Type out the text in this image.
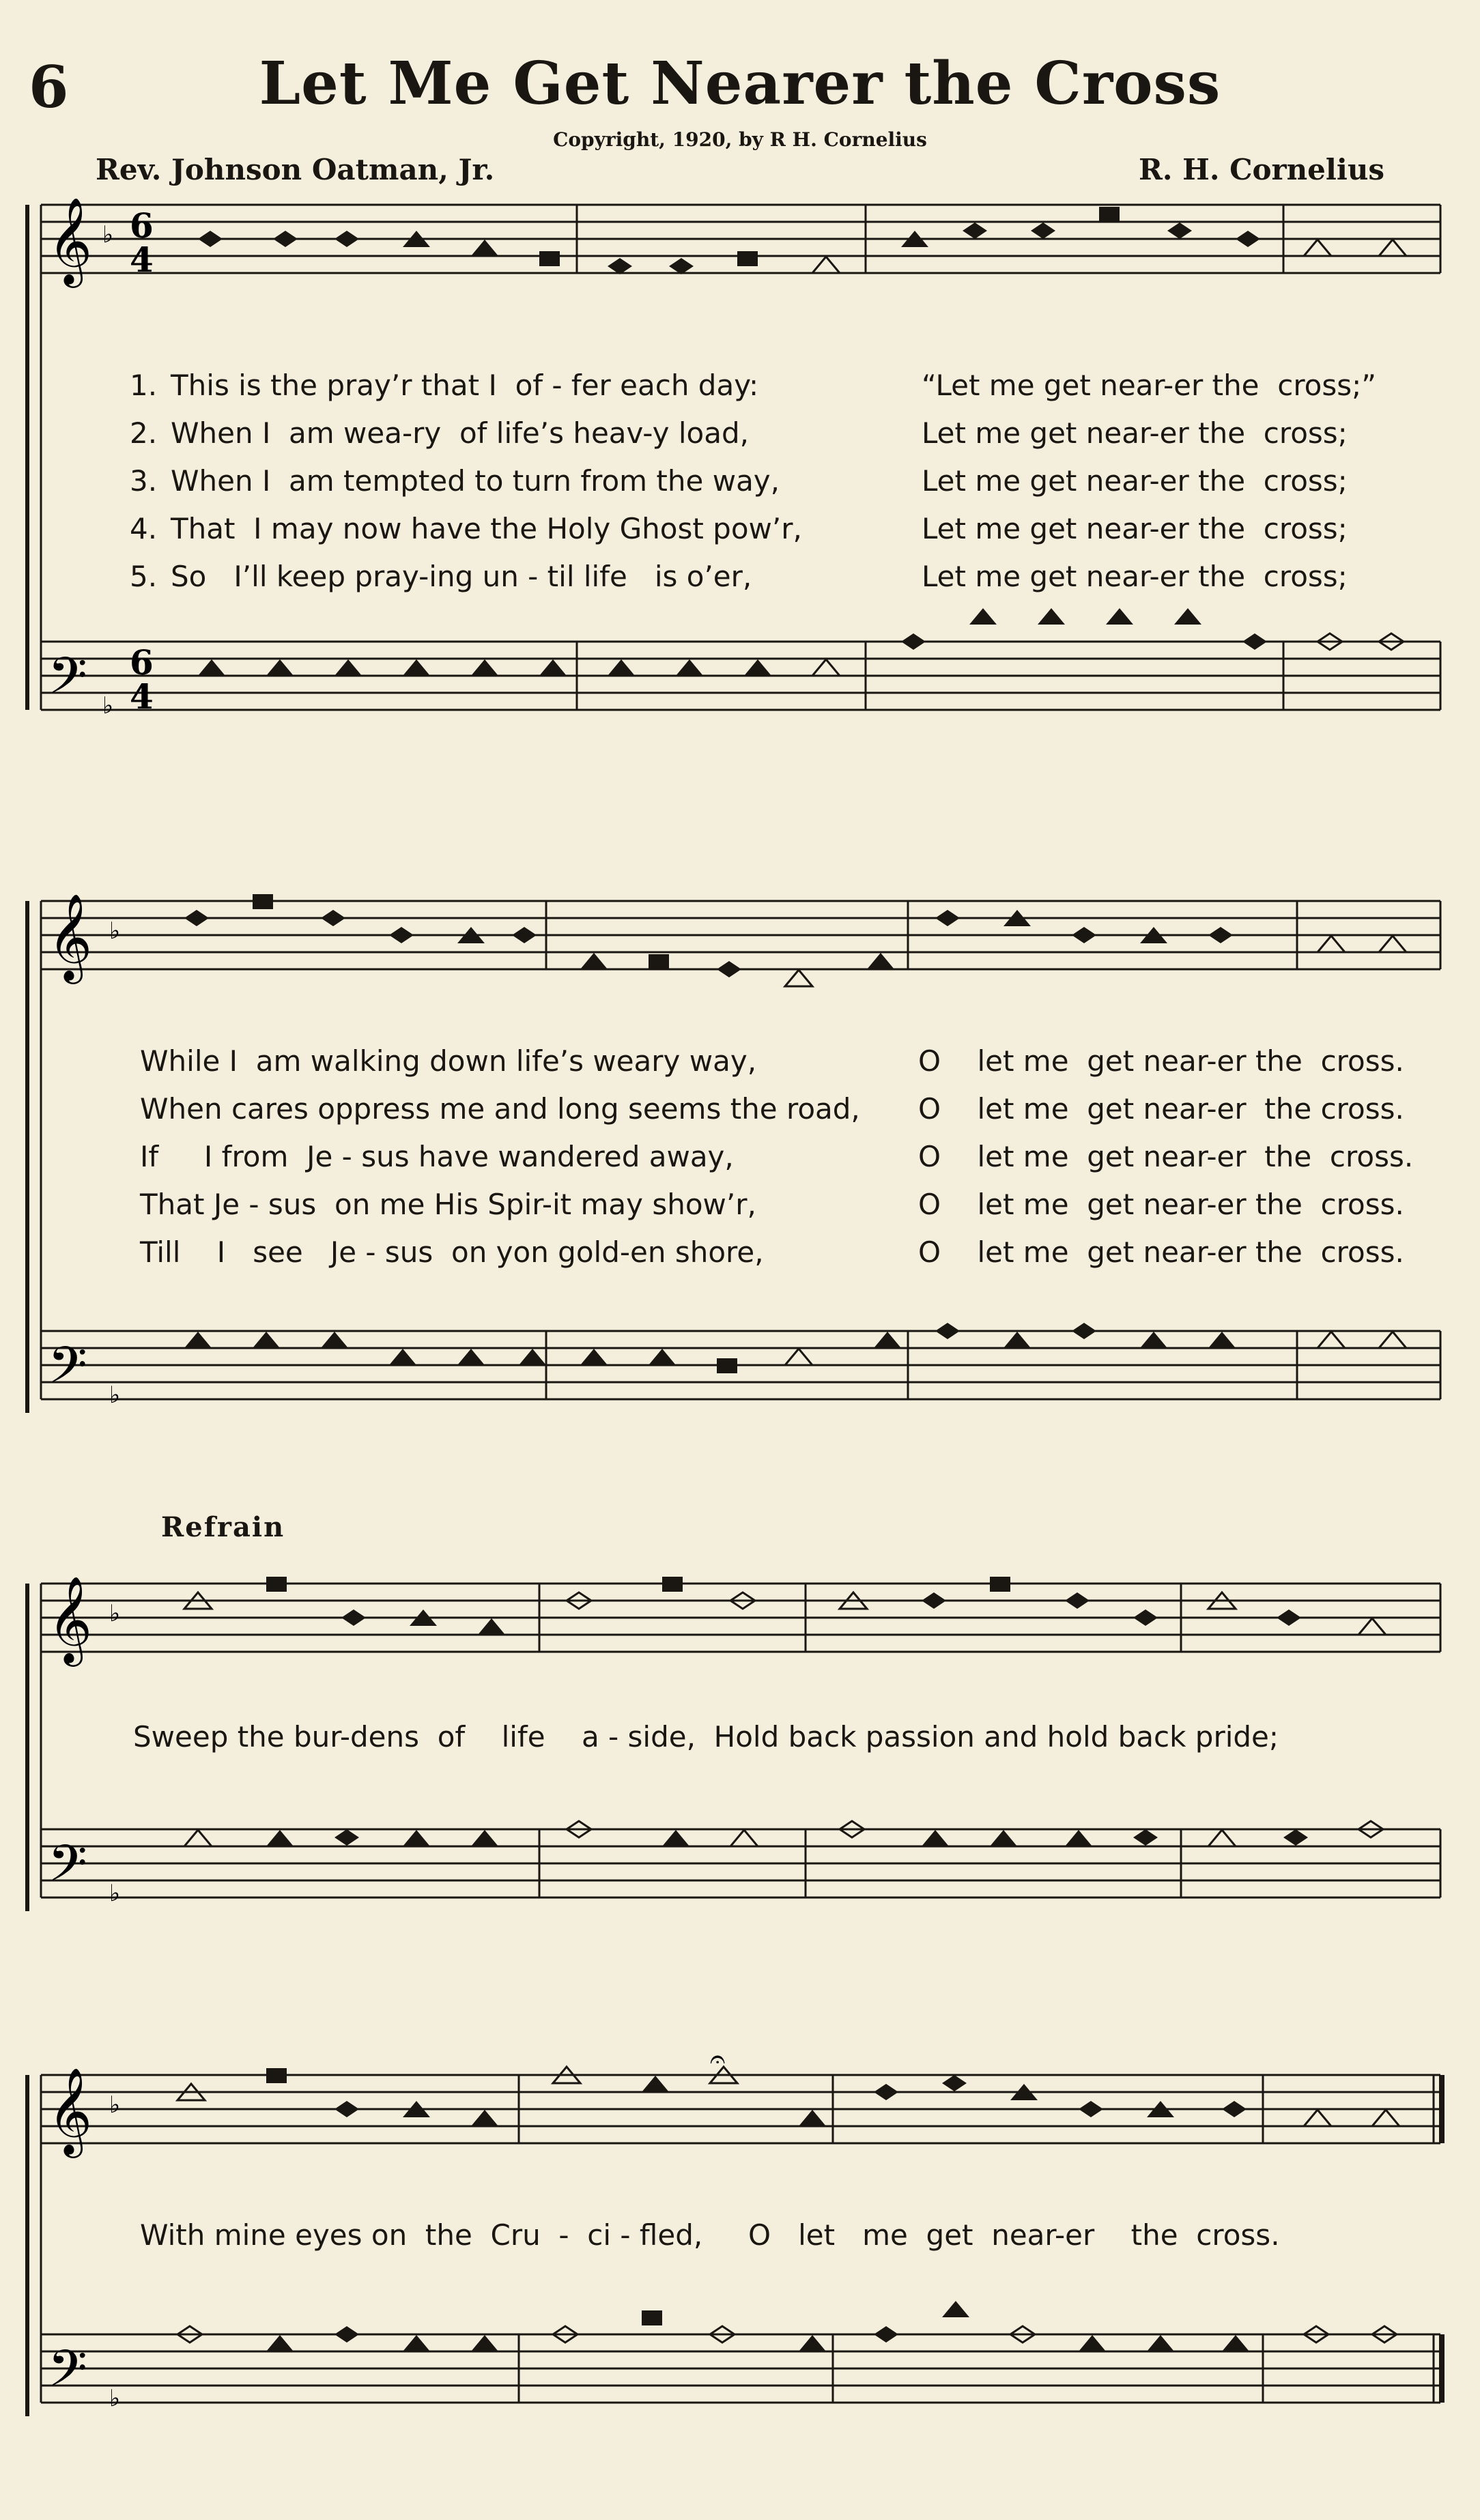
6	Let Me Get Nearer the Cross
Copyright, 1920, by R H. Cornelius
Rev. Johnson Oatman, Jr.	R. H. Cornelius
𝄞 ♭ 6
4
𝄢 ♭
6
4
1. This is the pray’r that I  of - fer each day:	“Let me get near-er the  cross;”
2. When I  am wea-ry  of life’s heav-y load,	Let me get near-er the  cross;
3. When I  am tempted to turn from the way,	Let me get near-er the  cross;
4. That  I may now have the Holy Ghost pow’r,	Let me get near-er the  cross;
5. So   I’ll keep pray-ing un - til life   is o’er,	Let me get near-er the  cross;
𝄞 ♭
𝄢 ♭
While I  am walking down life’s weary way,	O    let me  get near-er the  cross.
When cares oppress me and long seems the road,	O    let me  get near-er  the cross.
If     I from  Je - sus have wandered away,	O    let me  get near-er  the  cross.
That Je - sus  on me His Spir-it may show’r,	O    let me  get near-er the  cross.
Till    I   see   Je - sus  on yon gold-en shore,	O    let me  get near-er the  cross.
Refrain
𝄞 ♭
𝄢 ♭
Sweep the bur-dens  of    life    a - side,  Hold back passion and hold back pride;
𝄞 ♭
𝄢 ♭
𝄐
With mine eyes on  the  Cru  -  ci - fled,     O   let   me  get  near-er    the  cross.
